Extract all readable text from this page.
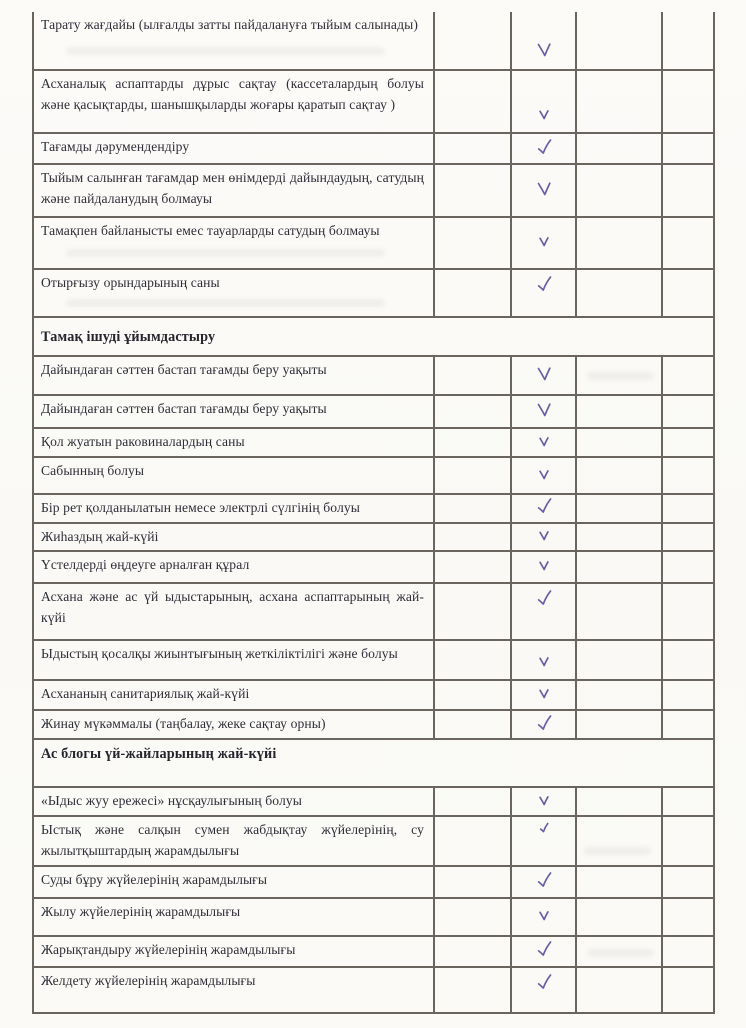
Тарату жағдайы (ылғалды затты пайдалануға тыйым салынады)		

Асханалық аспаптарды дұрыс сақтау (кассеталардың болуы және қасықтарды, шанышқыларды жоғары қаратып сақтау )		

Тағамды дәрумендендіру		

Тыйым салынған тағамдар мен өнімдерді дайындаудың, сатудың және пайдаланудың болмауы		

Тамақпен байланысты емес тауарларды сатудың болмауы		

Отырғызу орындарының саны		

Тамақ ішуді ұйымдастыру				
Дайындаған сәттен бастап тағамды беру уақыты		

Дайындаған сәттен бастап тағамды беру уақыты		

Қол жуатын раковиналардың саны		

Сабынның болуы		

Бір рет қолданылатын немесе электрлі сүлгінің болуы		

Жиһаздың жай-күйі		

Үстелдерді өңдеуге арналған құрал		

Асхана және ас үй ыдыстарының, асхана аспаптарының жай-күйі		

Ыдыстың қосалқы жиынтығының жеткіліктілігі және болуы		

Асхананың санитариялық жай-күйі		

Жинау мүкәммалы (таңбалау, жеке сақтау орны)		

Ас блогы үй-жайларының жай-күйі				
«Ыдыс жуу ережесі» нұсқаулығының болуы		

Ыстық және салқын сумен жабдықтау жүйелерінің, су жылытқыштардың жарамдылығы		

Суды бұру жүйелерінің жарамдылығы		

Жылу жүйелерінің жарамдылығы		

Жарықтандыру жүйелерінің жарамдылығы		

Желдету жүйелерінің жарамдылығы		
